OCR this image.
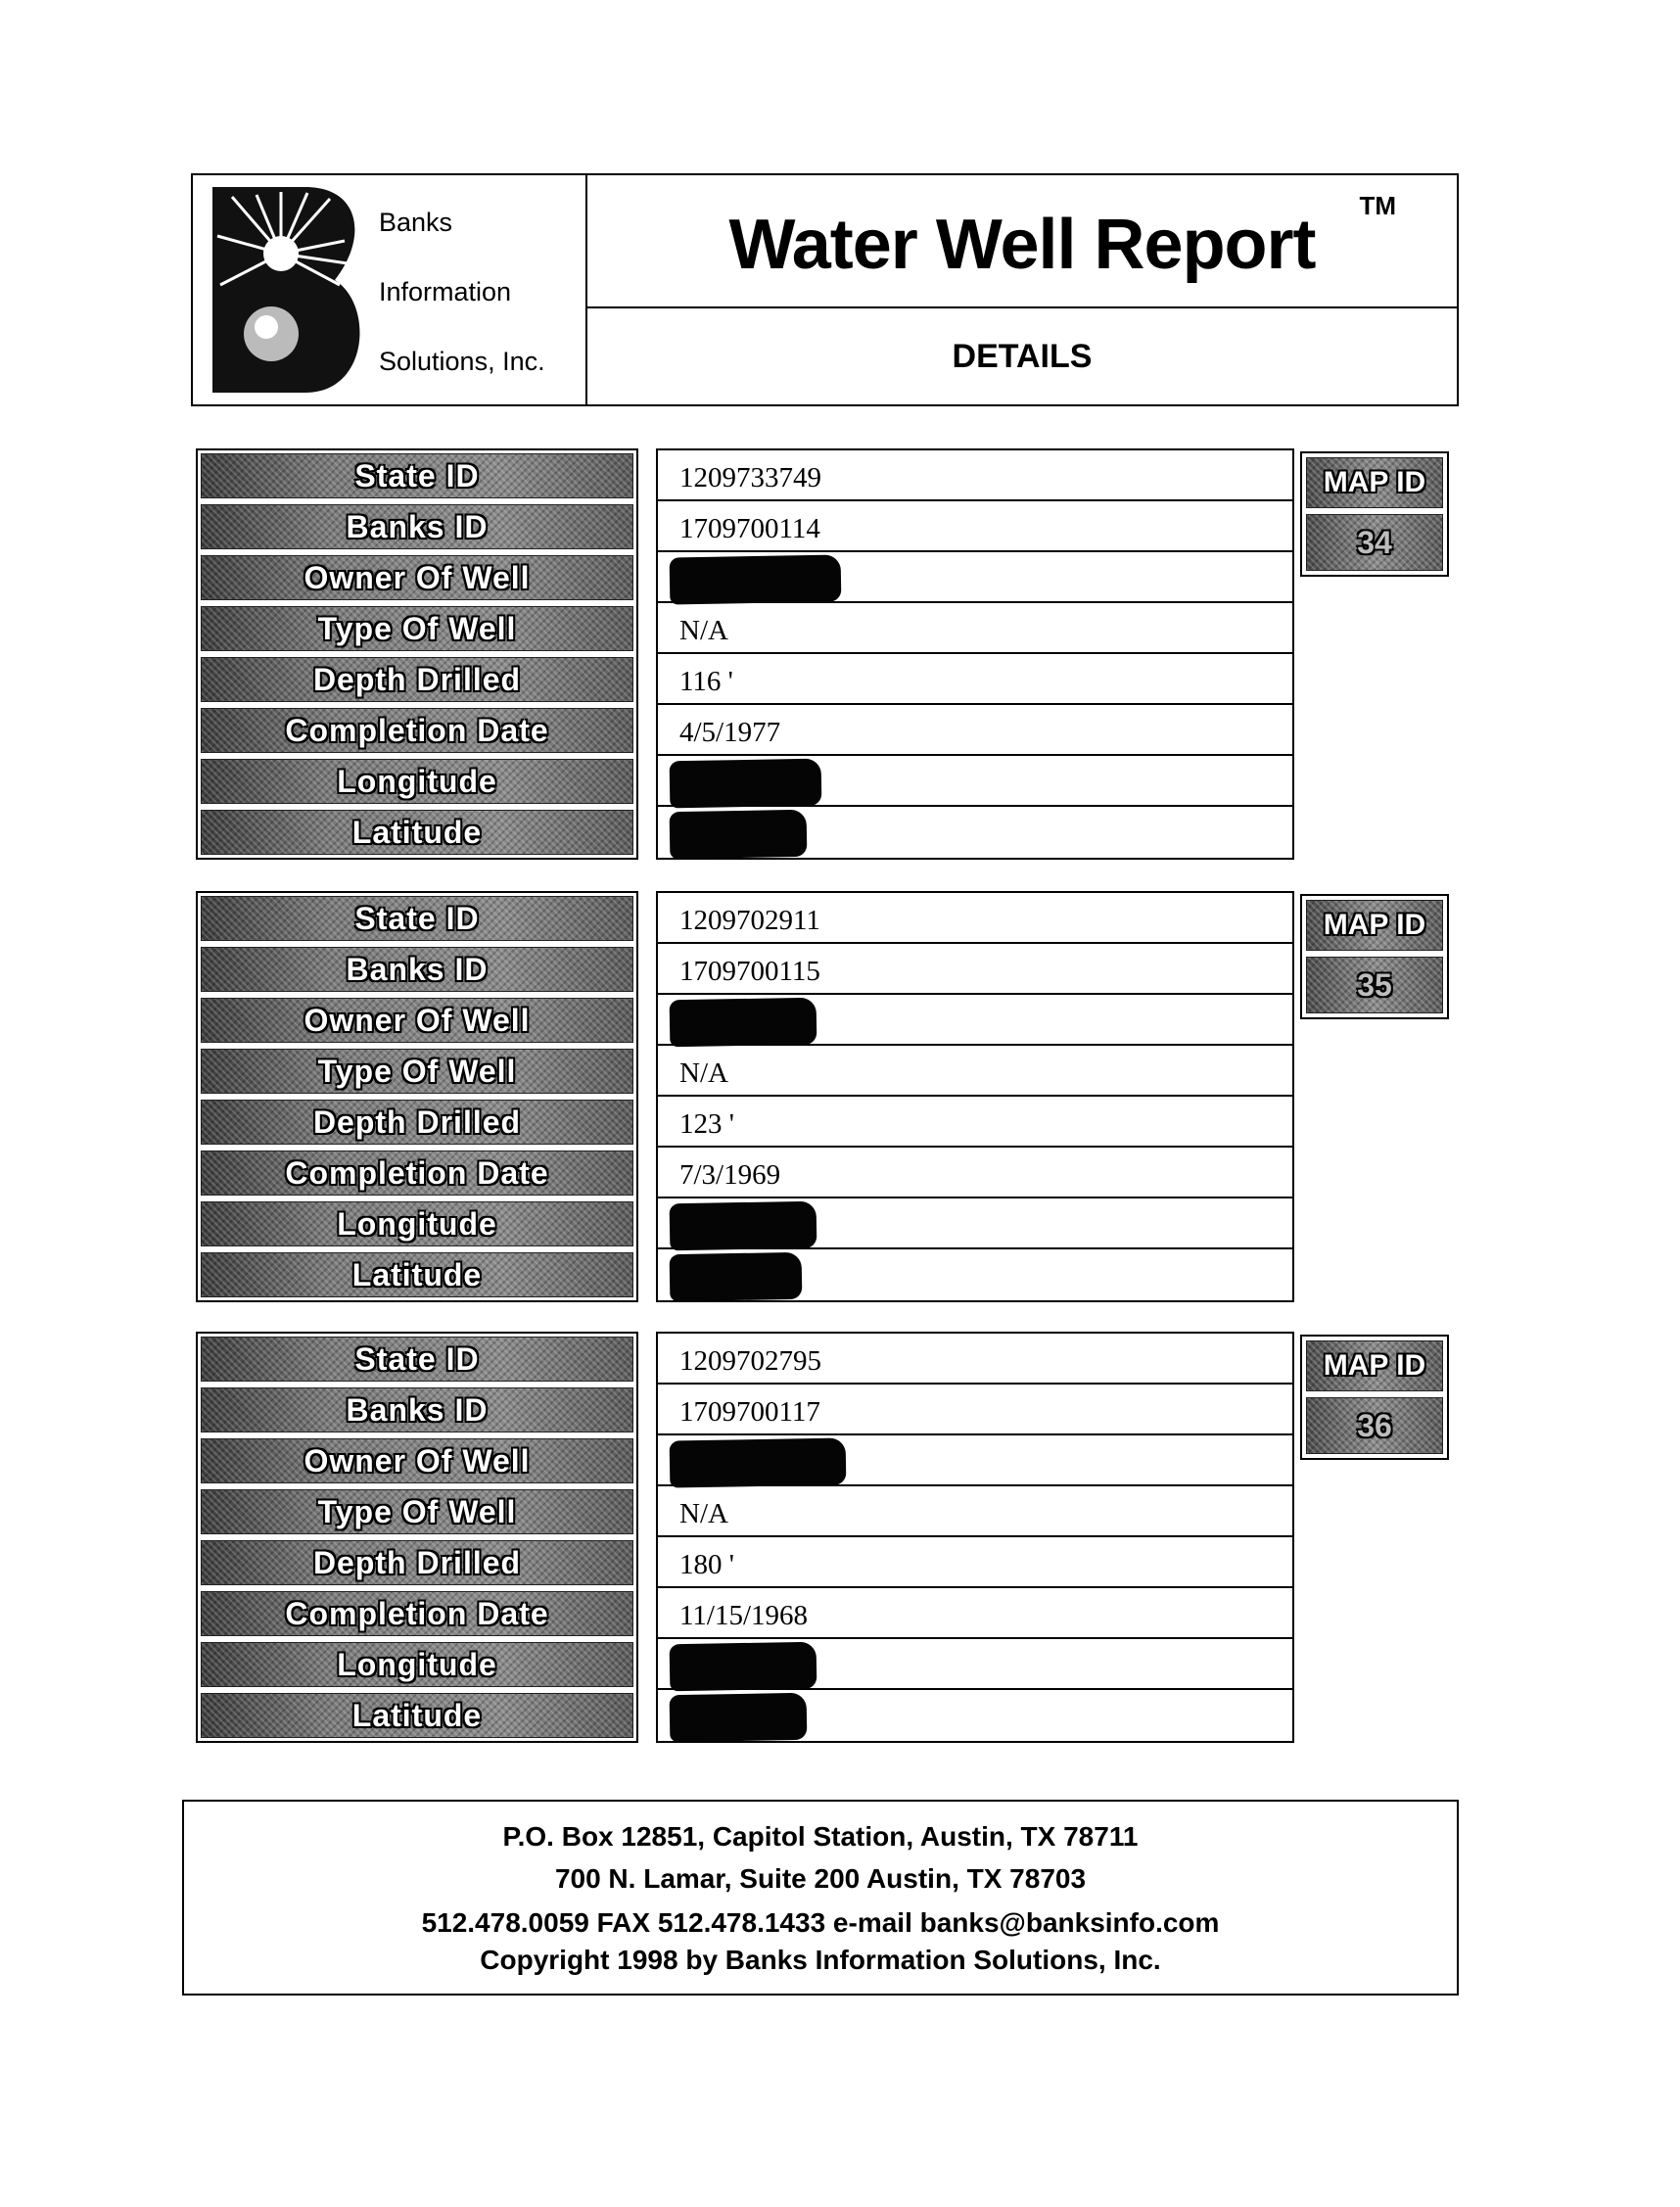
Banks
Information
Solutions, Inc.
Water Well Report	TM
DETAILS
State ID
Banks ID
Owner Of Well
Type Of Well
Depth Drilled
Completion Date
Longitude
Latitude
1209733749
1709700114
N/A
116 '
4/5/1977
MAP ID
34
State ID
Banks ID
Owner Of Well
Type Of Well
Depth Drilled
Completion Date
Longitude
Latitude
1209702911
1709700115
N/A
123 '
7/3/1969
MAP ID
35
State ID
Banks ID
Owner Of Well
Type Of Well
Depth Drilled
Completion Date
Longitude
Latitude
1209702795
1709700117
N/A
180 '
11/15/1968
MAP ID
36
P.O. Box 12851, Capitol Station, Austin, TX 78711
700 N. Lamar, Suite 200 Austin, TX 78703
512.478.0059 FAX 512.478.1433 e-mail banks@banksinfo.com
Copyright 1998 by Banks Information Solutions, Inc.
